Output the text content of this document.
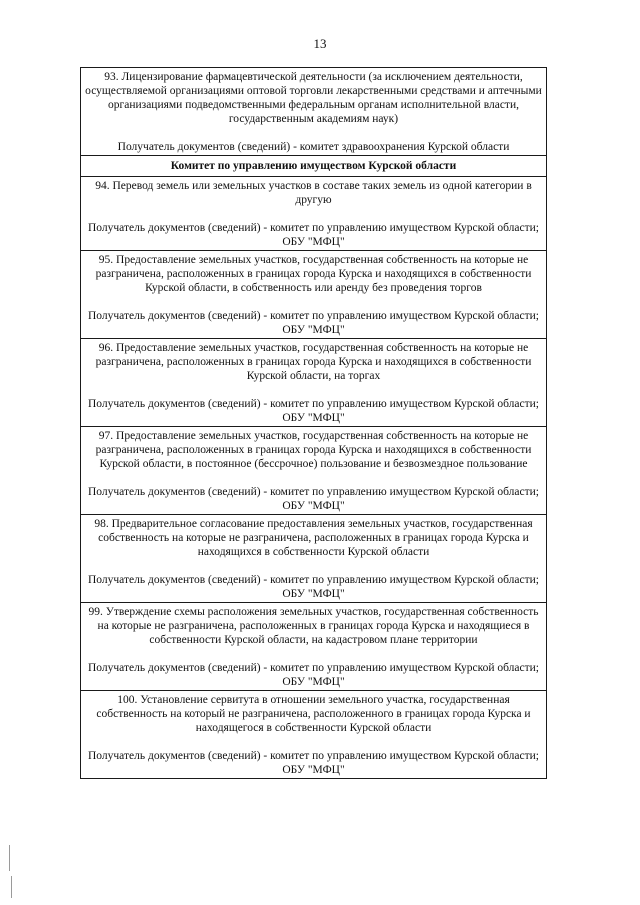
13
93. Лицензирование фармацевтической деятельности (за исключением деятельности, осуществляемой организациями оптовой торговли лекарственными средствами и аптечными организациями подведомственными федеральным органам исполнительной власти, государственным академиям наук)
Получатель документов (сведений) - комитет здравоохранения Курской области

Комитет по управлению имуществом Курской области

94. Перевод земель или земельных участков в составе таких земель из одной категории в другую
Получатель документов (сведений) - комитет по управлению имуществом Курской области; ОБУ "МФЦ"

95. Предоставление земельных участков, государственная собственность на которые не разграничена, расположенных в границах города Курска и находящихся в собственности Курской области, в собственность или аренду без проведения торгов
Получатель документов (сведений) - комитет по управлению имуществом Курской области; ОБУ "МФЦ"

96. Предоставление земельных участков, государственная собственность на которые не разграничена, расположенных в границах города Курска и находящихся в собственности Курской области, на торгах
Получатель документов (сведений) - комитет по управлению имуществом Курской области; ОБУ "МФЦ"

97. Предоставление земельных участков, государственная собственность на которые не разграничена, расположенных в границах города Курска и находящихся в собственности Курской области, в постоянное (бессрочное) пользование и безвозмездное пользование
Получатель документов (сведений) - комитет по управлению имуществом Курской области; ОБУ "МФЦ"

98. Предварительное согласование предоставления земельных участков, государственная собственность на которые не разграничена, расположенных в границах города Курска и находящихся в собственности Курской области
Получатель документов (сведений) - комитет по управлению имуществом Курской области; ОБУ "МФЦ"

99. Утверждение схемы расположения земельных участков, государственная собственность на которые не разграничена, расположенных в границах города Курска и находящиеся в собственности Курской области, на кадастровом плане территории
Получатель документов (сведений) - комитет по управлению имуществом Курской области; ОБУ "МФЦ"

100. Установление сервитута в отношении земельного участка, государственная собственность на который не разграничена, расположенного в границах города Курска и находящегося в собственности Курской области
Получатель документов (сведений) - комитет по управлению имуществом Курской области; ОБУ "МФЦ"
